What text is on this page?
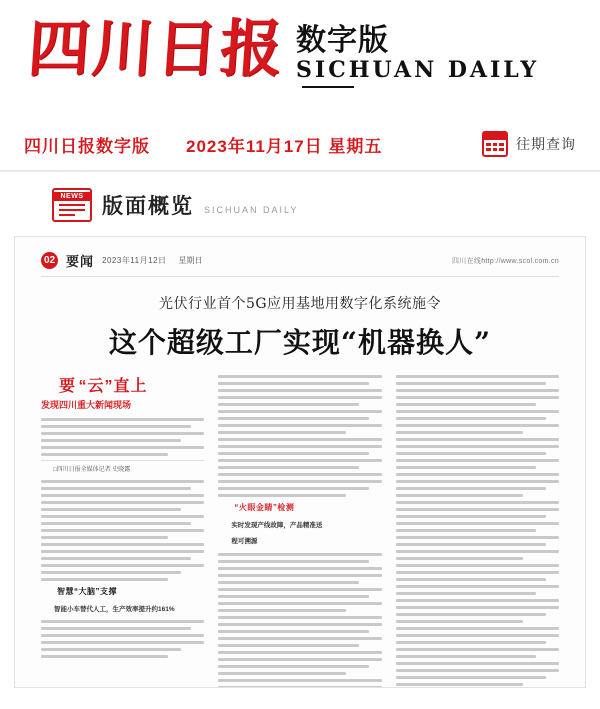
四川日报 数字版
SICHUAN DAILY
四川日报数字版 2023年11月17日 星期五	往期查询
NEWS 版面概览 SICHUAN DAILY
02 要闻 2023年11月12日 星期日	四川在线http://www.scol.com.cn
光伏行业首个5G应用基地用数字化系统施令
这个超级工厂实现“机器换人”

要 “云”直上
发现四川重大新闻现场

□四川日报全媒体记者 史晓露

智慧“大脑”支撑

智能小车替代人工，生产效率提升约161%

“火眼金睛”检测

实时发现产线故障，产品精准送

程可溯源
